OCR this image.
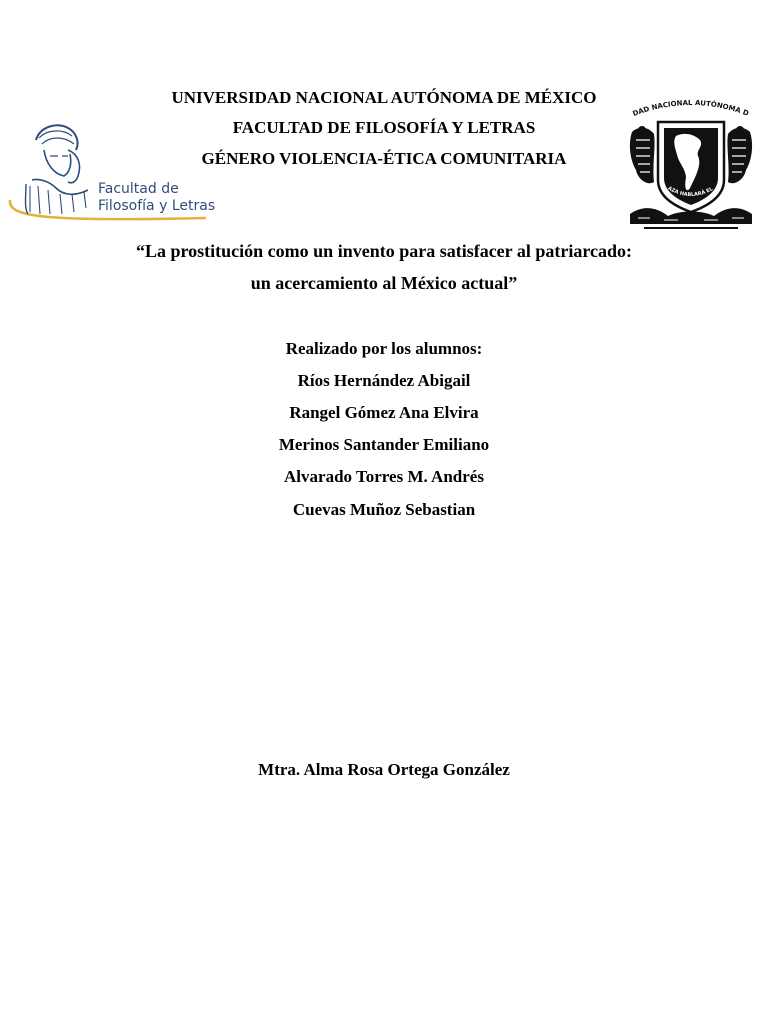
UNIVERSIDAD NACIONAL AUTÓNOMA DE MÉXICO
FACULTAD DE FILOSOFÍA Y LETRAS
GÉNERO VIOLENCIA-ÉTICA COMUNITARIA
Facultad de
Filosofía y Letras
DAD NACIONAL AUTÓNOMA D
AZA HABLARÁ EL
“La prostitución como un invento para satisfacer al patriarcado:
un acercamiento al México actual”
Realizado por los alumnos:
Ríos Hernández Abigail
Rangel Gómez Ana Elvira
Merinos Santander Emiliano
Alvarado Torres M. Andrés
Cuevas Muñoz Sebastian
Mtra. Alma Rosa Ortega González
